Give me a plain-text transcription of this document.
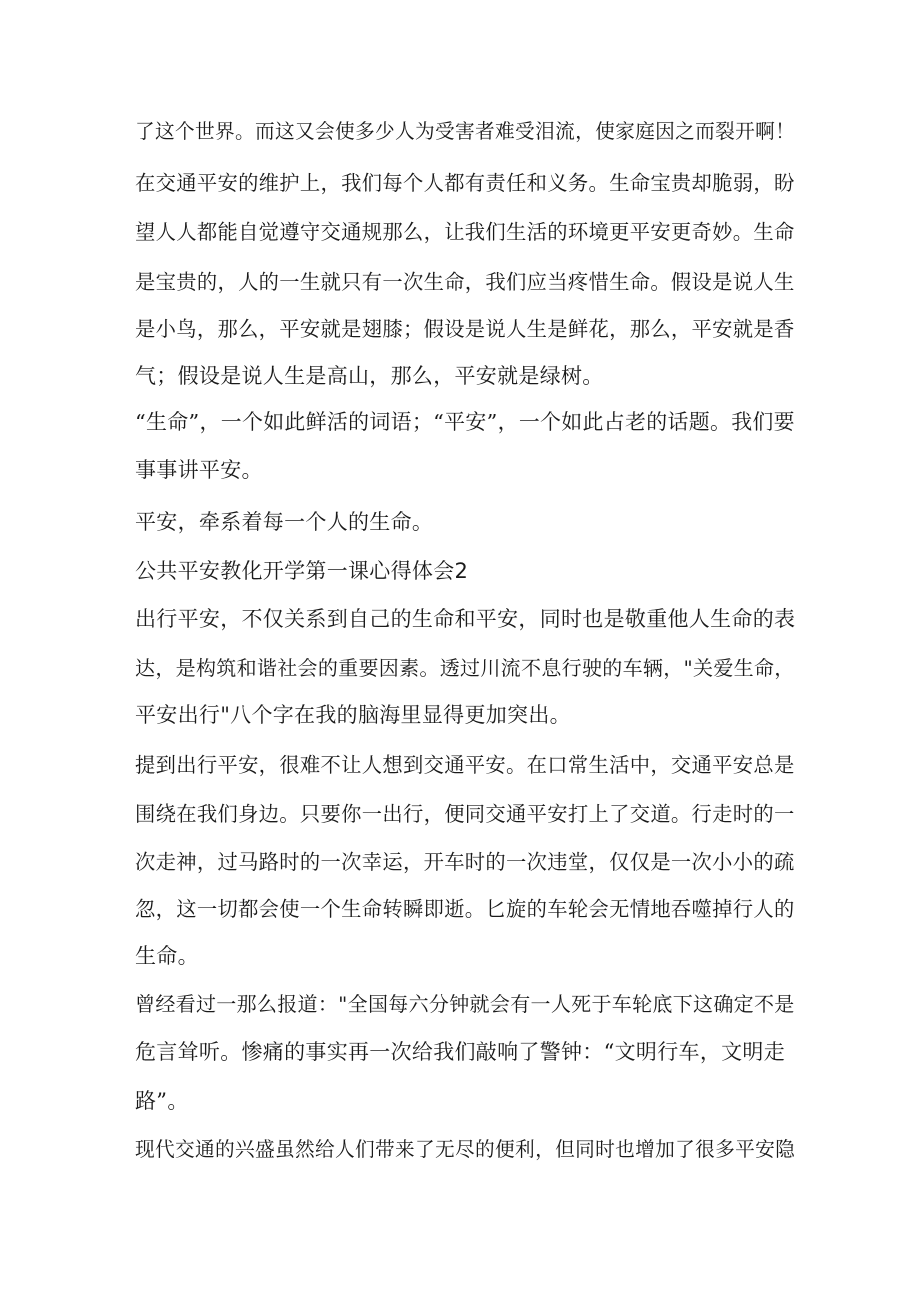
了这个世界。而这又会使多少人为受害者难受泪流，使家庭因之而裂开啊！
在交通平安的维护上，我们每个人都有责任和义务。生命宝贵却脆弱，盼
望人人都能自觉遵守交通规那么，让我们生活的环境更平安更奇妙。生命
是宝贵的，人的一生就只有一次生命，我们应当疼惜生命。假设是说人生
是小鸟，那么，平安就是翅膝；假设是说人生是鲜花，那么，平安就是香
气；假设是说人生是高山，那么，平安就是绿树。
“生命”，一个如此鲜活的词语；“平安”，一个如此占老的话题。我们要
事事讲平安。
平安，牵系着每一个人的生命。
公共平安教化开学第一课心得体会2
出行平安，不仅关系到自己的生命和平安，同时也是敬重他人生命的表
达，是构筑和谐社会的重要因素。透过川流不息行驶的车辆，"关爱生命，
平安出行"八个字在我的脑海里显得更加突出。
提到出行平安，很难不让人想到交通平安。在口常生活中，交通平安总是
围绕在我们身边。只要你一出行，便同交通平安打上了交道。行走时的一
次走神，过马路时的一次幸运，开车时的一次违堂，仅仅是一次小小的疏
忽，这一切都会使一个生命转瞬即逝。匕旋的车轮会无情地吞噬掉行人的
生命。
曾经看过一那么报道："全国每六分钟就会有一人死于车轮底下这确定不是
危言耸听。惨痛的事实再一次给我们敲响了警钟：“文明行车，文明走
路”。
现代交通的兴盛虽然给人们带来了无尽的便利，但同时也增加了很多平安隐
